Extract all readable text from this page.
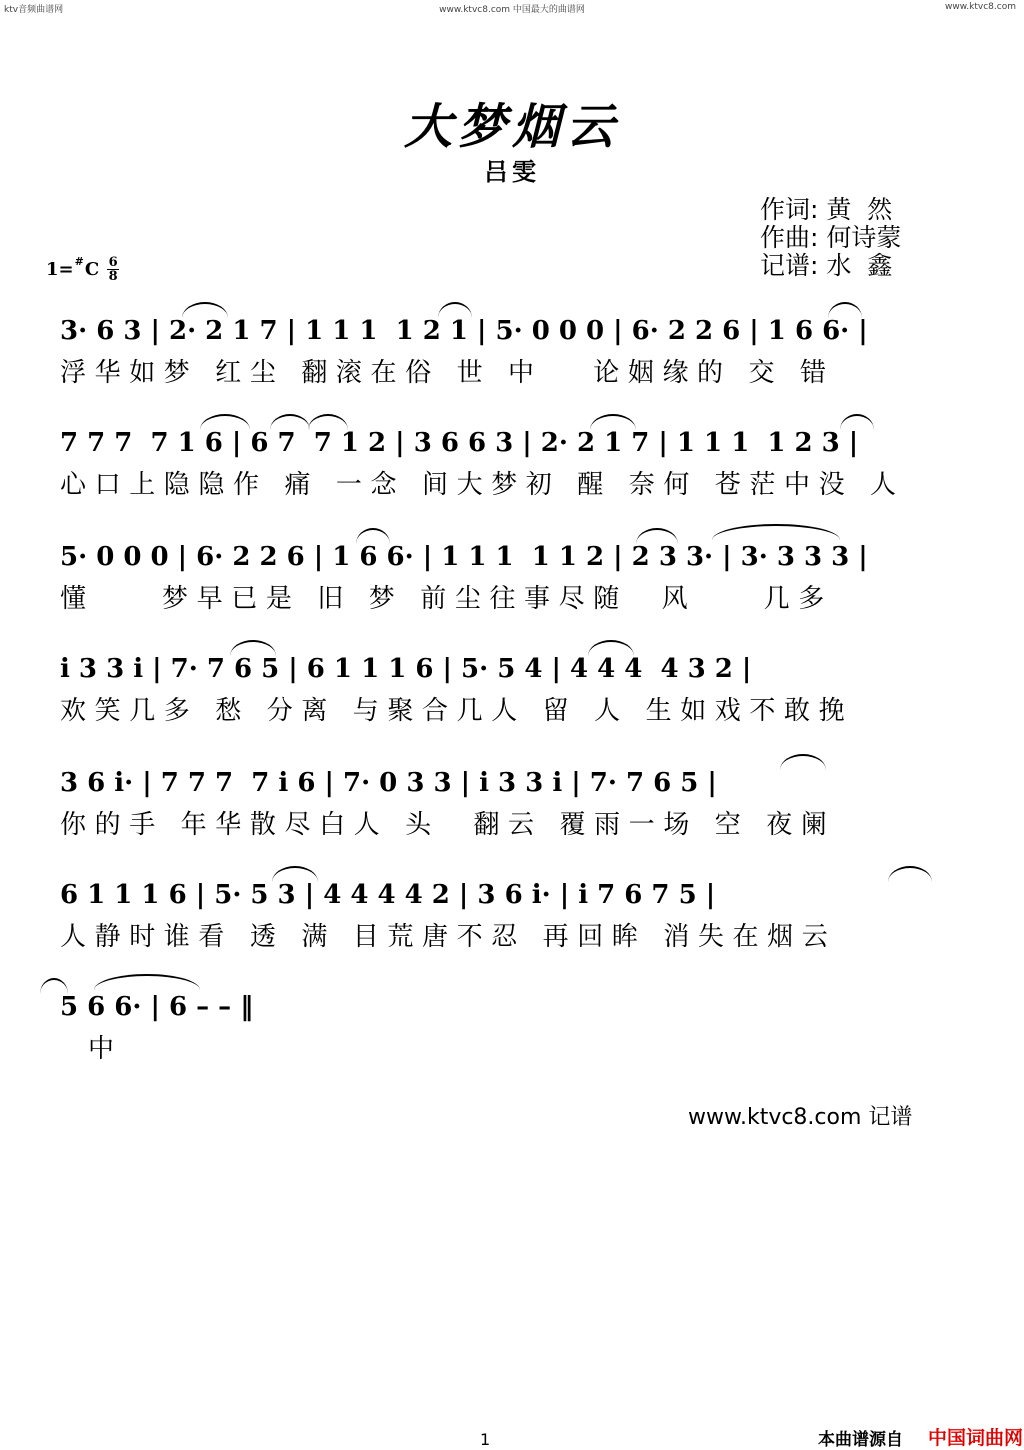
ktv音频曲谱网	www.ktvc8.com 中国最大的曲谱网	www.ktvc8.com
大梦烟云
吕雯
作词: 黄  然
作曲: 何诗蒙
记谱: 水  鑫
1= # C $\frac{6}{8}$
3· 6 3 | 2· 2 1 7 | 1 1 1  1 2 1 | 5· 0 0 0 | 6· 2 2 6 | 1 6 6· |
浮华如梦 红尘 翻滚在俗 世 中   论姻缘的 交 错
7 7 7  7 1 6 | 6 7  7 1 2 | 3 6 6 3 | 2· 2 1 7 | 1 1 1  1 2 3 |
心口上隐隐作 痛 一念 间大梦初 醒 奈何 苍茫中没 人
5· 0 0 0 | 6· 2 2 6 | 1 6 6· | 1 1 1  1 1 2 | 2 3 3· | 3· 3 3 3 |
懂    梦早已是 旧 梦 前尘往事尽随  风    几多
i 3 3 i | 7· 7 6 5 | 6 1 1 1 6 | 5· 5 4 | 4 4 4  4 3 2 |
欢笑几多 愁 分离 与聚合几人 留 人 生如戏不敢挽
3 6 i· | 7 7 7  7 i 6 | 7· 0 3 3 | i 3 3 i | 7· 7 6 5 |
你的手 年华散尽白人 头  翻云 覆雨一场 空 夜阑
6 1 1 1 6 | 5· 5 3 | 4 4 4 4 2 | 3 6 i· | i 7 6 7 5 |
人静时谁看 透 满 目荒唐不忍 再回眸 消失在烟云
5 6 6· | 6 – – ‖
中
www.ktvc8.com 记谱
1	本曲谱源自 中国词曲网
